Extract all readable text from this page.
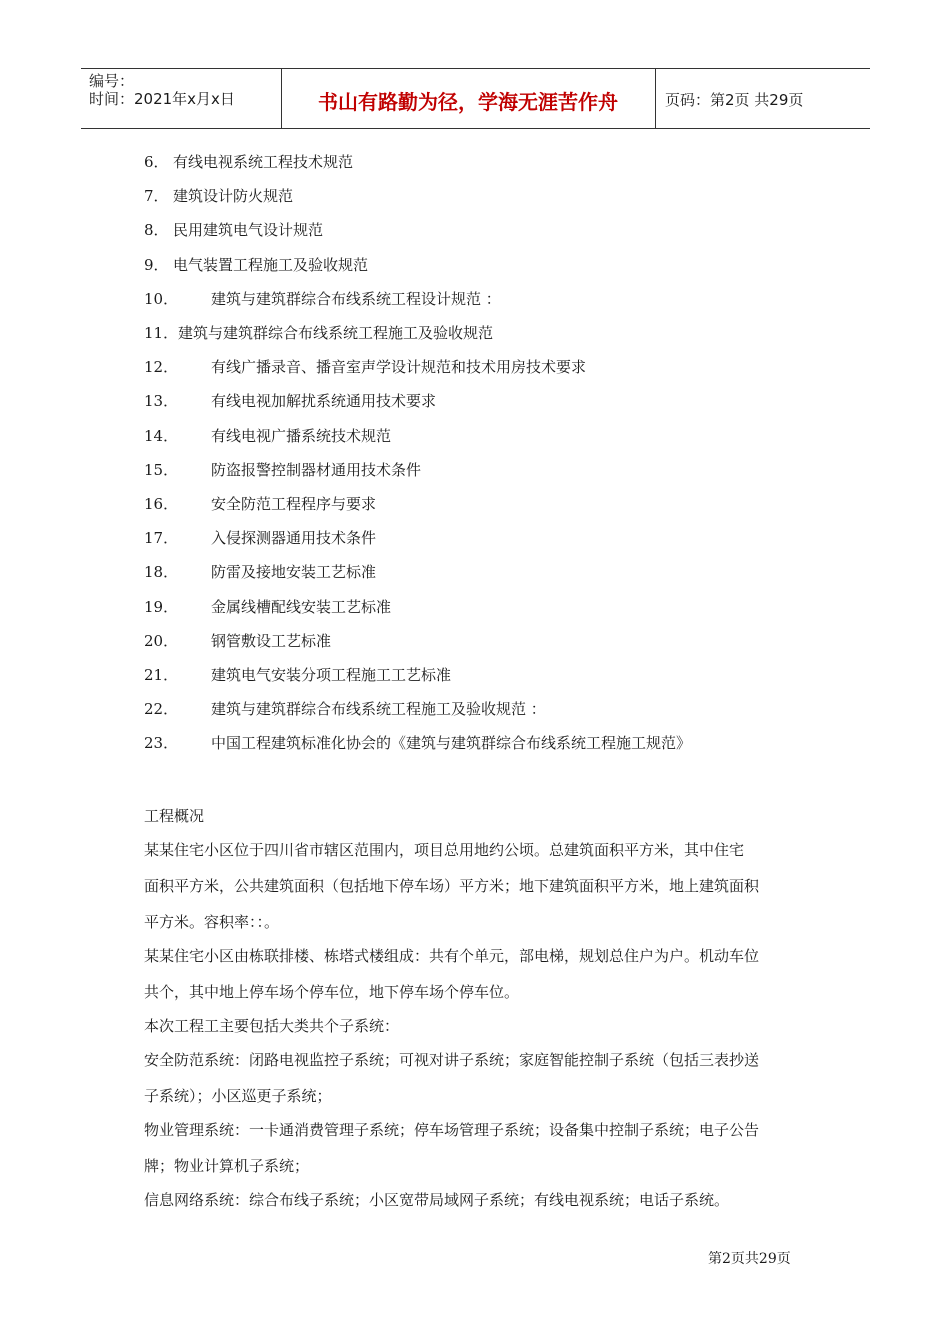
编号：
时间：2021年x月x日	书山有路勤为径，学海无涯苦作舟	页码：第2页 共29页
6． 有线电视系统工程技术规范
7． 建筑设计防火规范
8． 民用建筑电气设计规范
9． 电气装置工程施工及验收规范
10． 建筑与建筑群综合布线系统工程设计规范 ：
11． 建筑与建筑群综合布线系统工程施工及验收规范
12． 有线广播录音、播音室声学设计规范和技术用房技术要求
13． 有线电视加解扰系统通用技术要求
14． 有线电视广播系统技术规范
15． 防盗报警控制器材通用技术条件
16． 安全防范工程程序与要求
17． 入侵探测器通用技术条件
18． 防雷及接地安装工艺标准
19． 金属线槽配线安装工艺标准
20． 钢管敷设工艺标准
21． 建筑电气安装分项工程施工工艺标准
22． 建筑与建筑群综合布线系统工程施工及验收规范 ：
23． 中国工程建筑标准化协会的《建筑与建筑群综合布线系统工程施工规范》
工程概况
某某住宅小区位于四川省市辖区范围内，项目总用地约公顷。总建筑面积平方米，其中住宅
面积平方米，公共建筑面积（包括地下停车场）平方米；地下建筑面积平方米，地上建筑面积
平方米。容积率：：。
某某住宅小区由栋联排楼、栋塔式楼组成：共有个单元，部电梯，规划总住户为户。机动车位
共个，其中地上停车场个停车位，地下停车场个停车位。
本次工程工主要包括大类共个子系统：
安全防范系统：闭路电视监控子系统；可视对讲子系统；家庭智能控制子系统（包括三表抄送
子系统）；小区巡更子系统；
物业管理系统：一卡通消费管理子系统；停车场管理子系统；设备集中控制子系统；电子公告
牌；物业计算机子系统；
信息网络系统：综合布线子系统；小区宽带局域网子系统；有线电视系统；电话子系统。
第2页共29页
